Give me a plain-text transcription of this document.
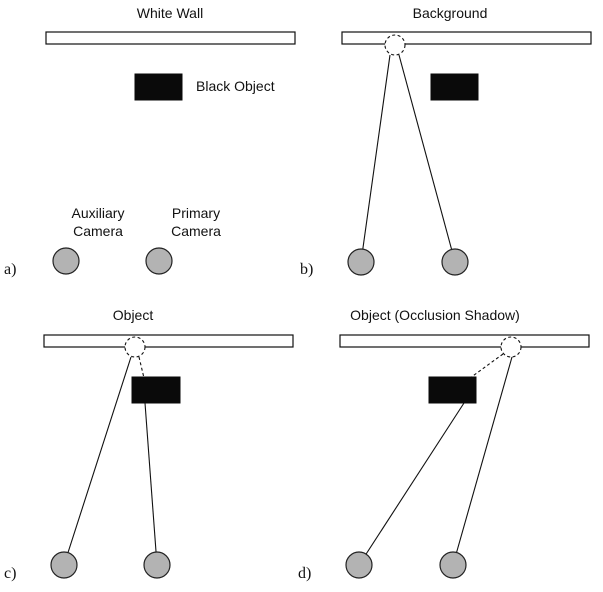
White Wall
Black Object
Auxiliary
Camera
Primary
Camera
a)
Background
b)
Object
c)
Object (Occlusion Shadow)
d)
